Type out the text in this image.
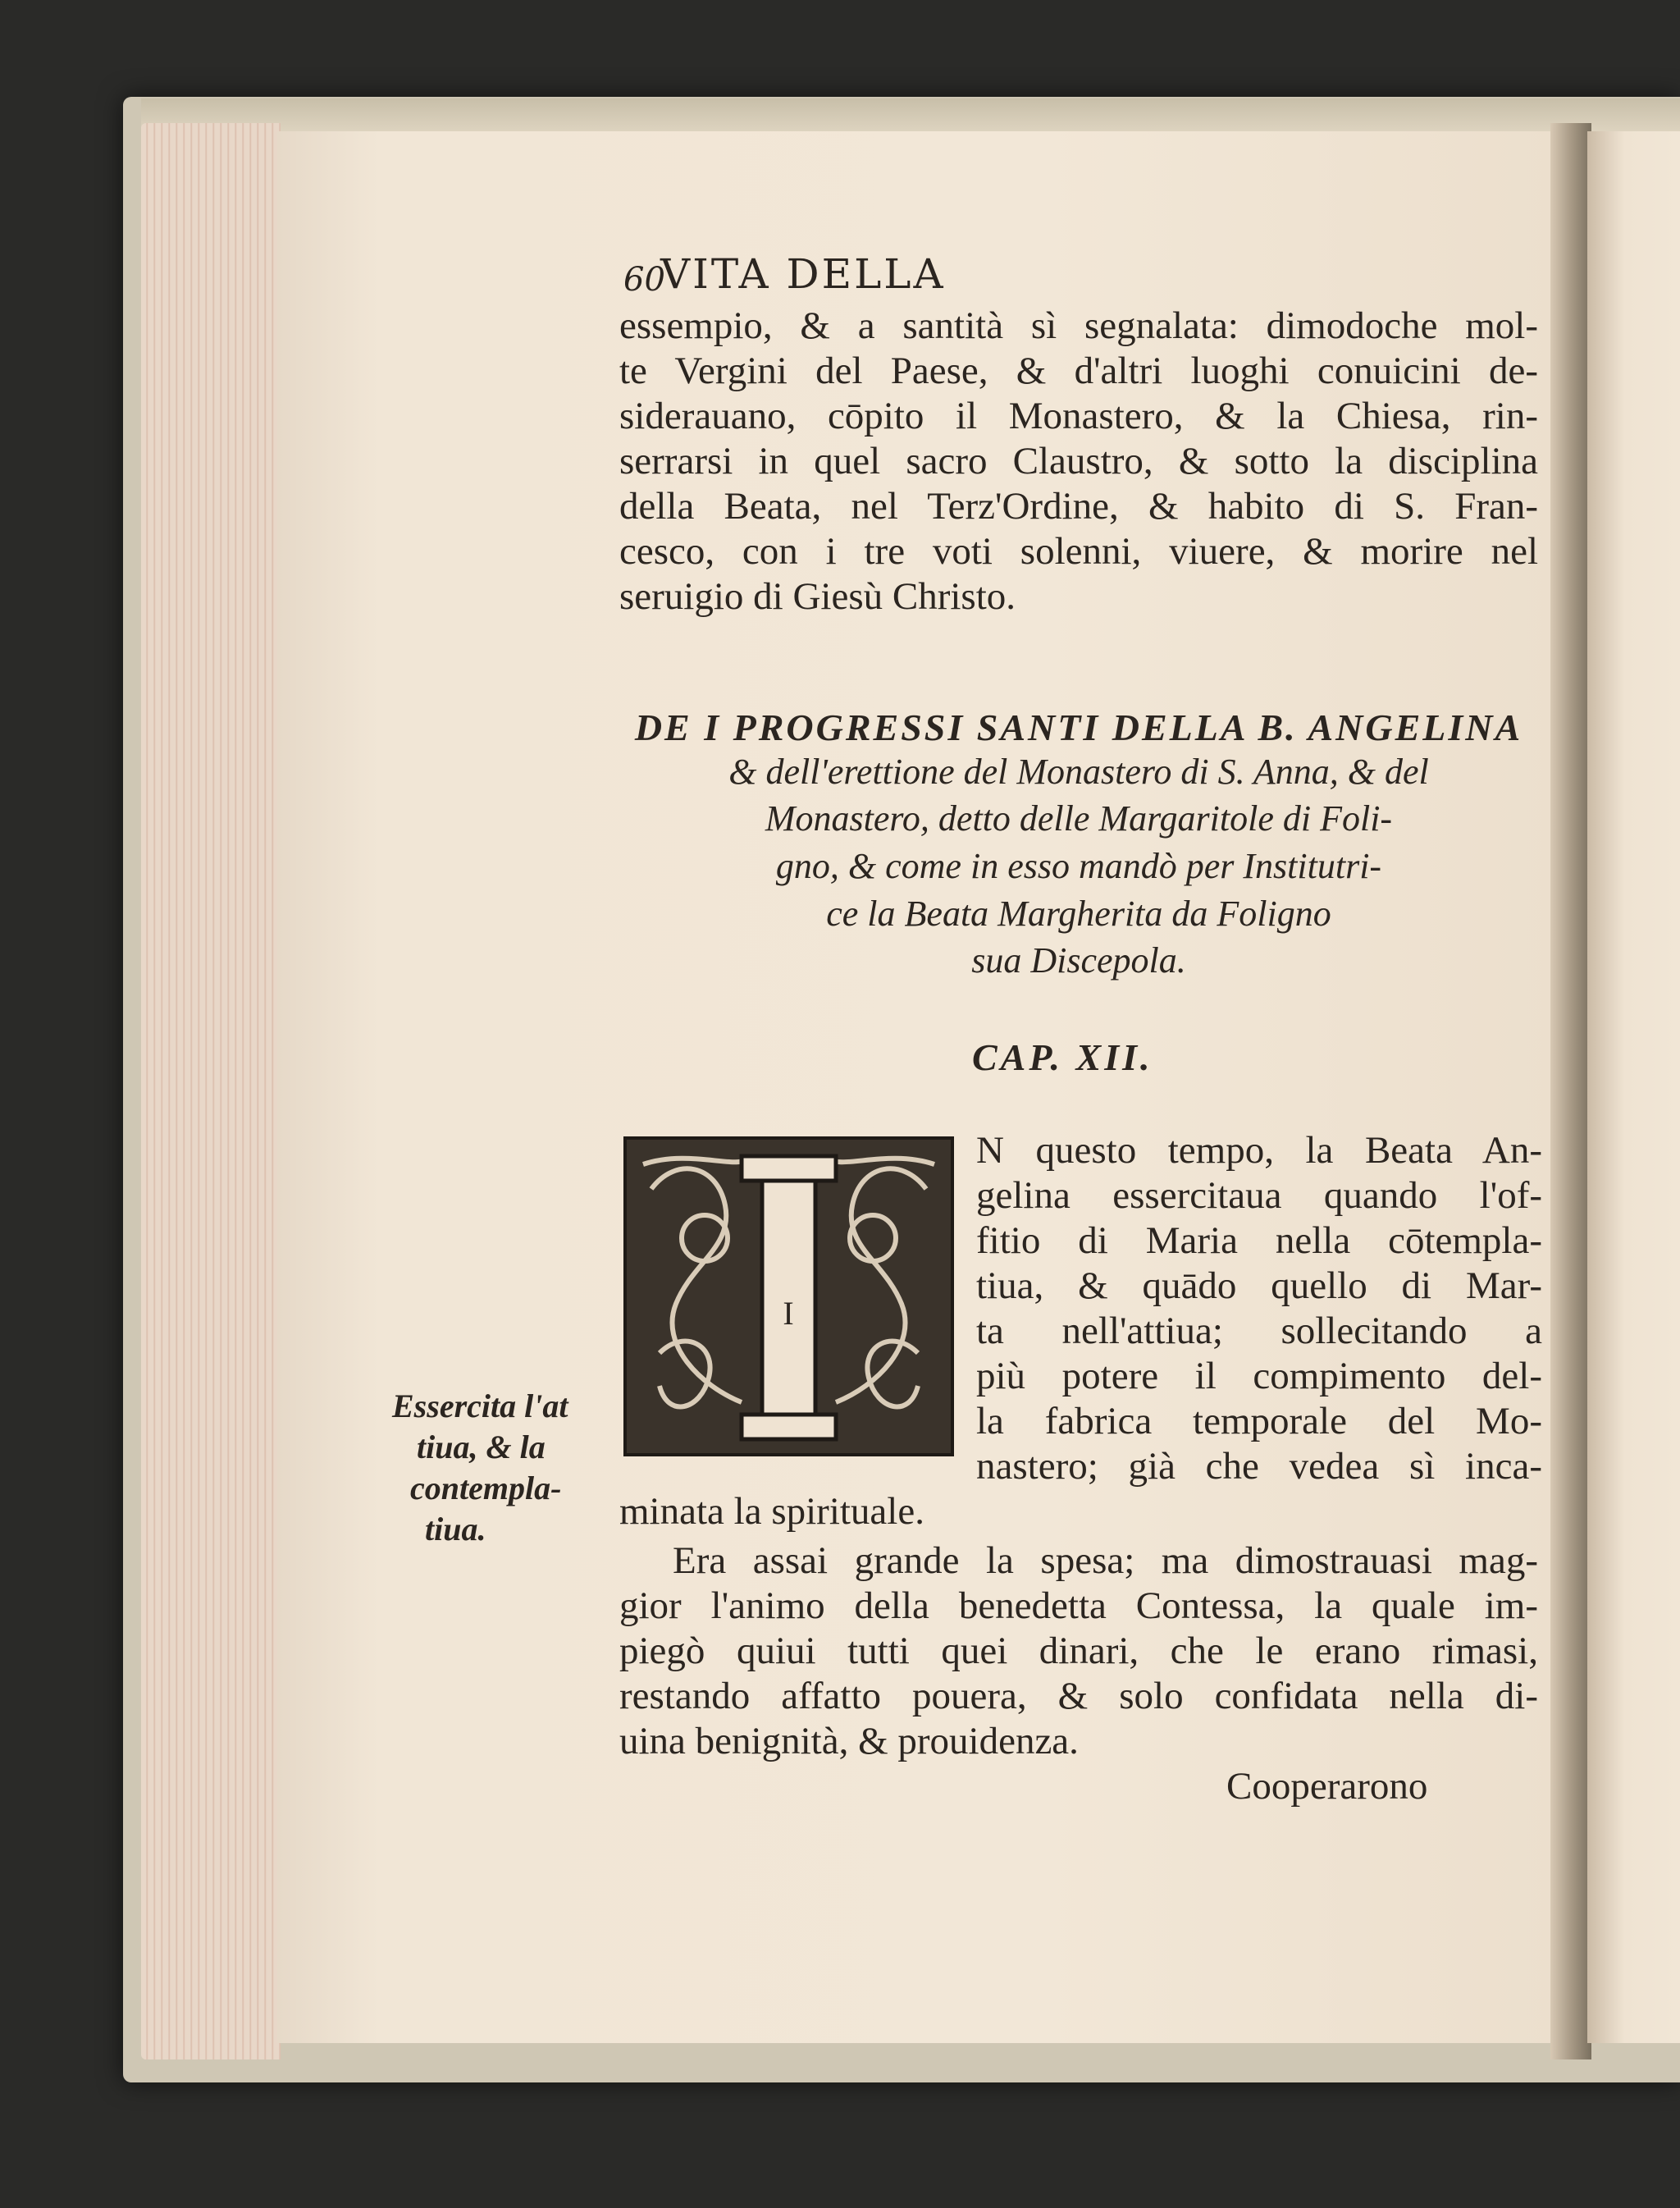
60
VITA DELLA
essempio, & a santità sì segnalata: dimodoche mol-
te Vergini del Paese, & d'altri luoghi conuicini de-
siderauano, cōpito il Monastero, & la Chiesa, rin-
serrarsi in quel sacro Claustro, & sotto la disciplina
della Beata, nel Terz'Ordine, & habito di S. Fran-
cesco, con i tre voti solenni, viuere, & morire nel
seruigio di Giesù Christo.
DE I PROGRESSI SANTI DELLA B. ANGELINA
& dell'erettione del Monastero di S. Anna, & del
Monastero, detto delle Margaritole di Foli-
gno, & come in esso mandò per Institutri-
ce la Beata Margherita da Foligno
sua Discepola.
CAP. XII.
I
N questo tempo, la Beata An-
gelina essercitaua quando l'of-
fitio di Maria nella cōtempla-
tiua, & quādo quello di Mar-
ta nell'attiua; sollecitando a
più potere il compimento del-
la fabrica temporale del Mo-
nastero; già che vedea sì inca-
minata la spirituale.
Era assai grande la spesa; ma dimostrauasi mag-
gior l'animo della benedetta Contessa, la quale im-
piegò quiui tutti quei dinari, che le erano rimasi,
restando affatto pouera, & solo confidata nella di-
uina benignità, & prouidenza.
Cooperarono
Essercita l'at
tiua, & la
contempla-
tiua.
